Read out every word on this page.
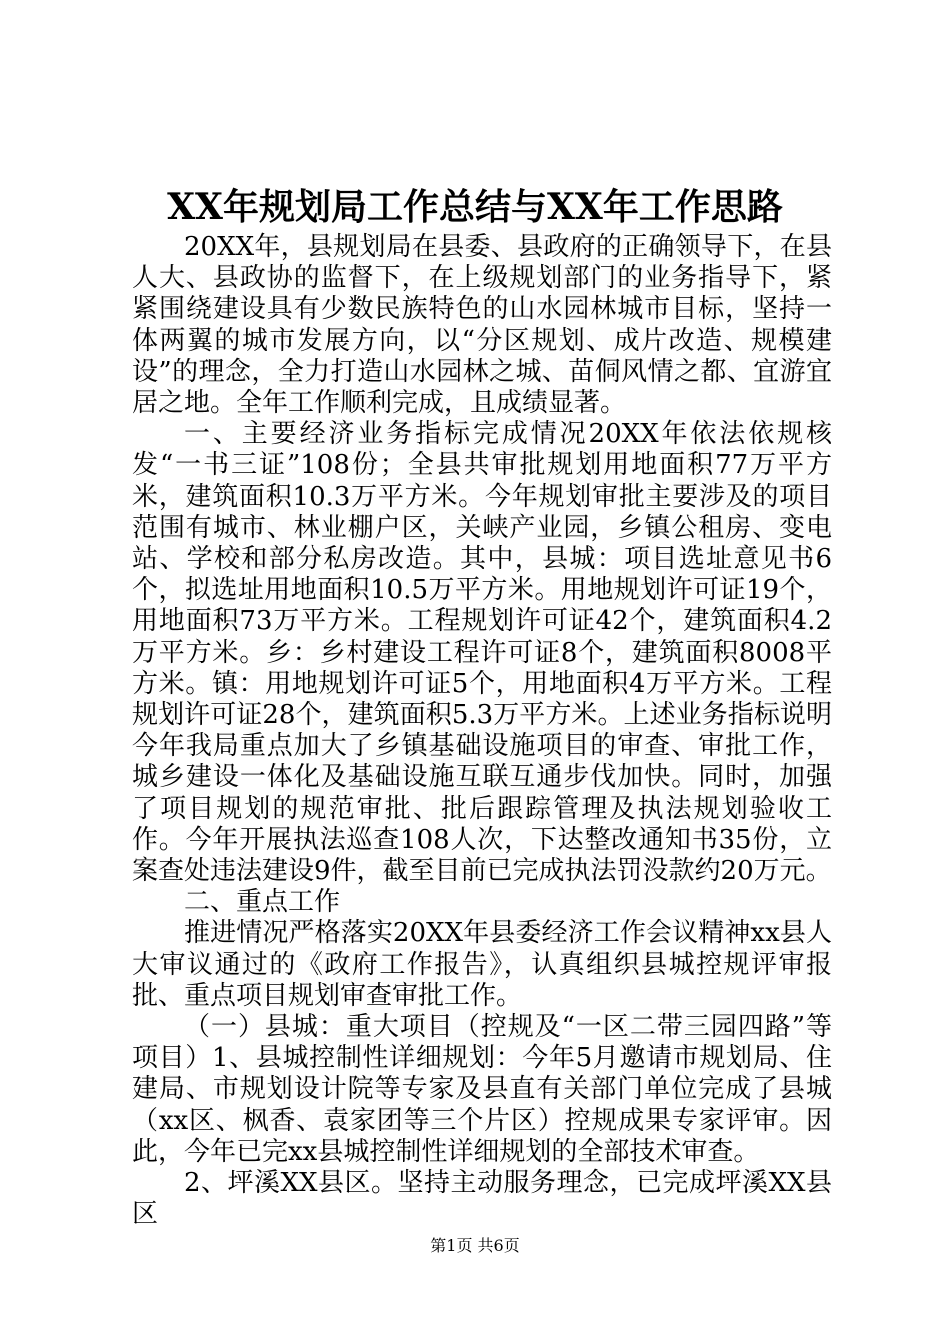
XX年规划局工作总结与XX年工作思路

20XX年，县规划局在县委、县政府的正确领导下，在县人大、县政协的监督下，在上级规划部门的业务指导下，紧紧围绕建设具有少数民族特色的山水园林城市目标，坚持一体两翼的城市发展方向，以“分区规划、成片改造、规模建设”的理念，全力打造山水园林之城、苗侗风情之都、宜游宜居之地。全年工作顺利完成，且成绩显著。

一、主要经济业务指标完成情况20XX年依法依规核发“一书三证”108份；全县共审批规划用地面积77万平方米，建筑面积10.3万平方米。今年规划审批主要涉及的项目范围有城市、林业棚户区，关峡产业园，乡镇公租房、变电站、学校和部分私房改造。其中，县城：项目选址意见书6个，拟选址用地面积10.5万平方米。用地规划许可证19个，用地面积73万平方米。工程规划许可证42个，建筑面积4.2万平方米。乡：乡村建设工程许可证8个，建筑面积8008平方米。镇：用地规划许可证5个，用地面积4万平方米。工程规划许可证28个，建筑面积5.3万平方米。上述业务指标说明今年我局重点加大了乡镇基础设施项目的审查、审批工作，城乡建设一体化及基础设施互联互通步伐加快。同时，加强了项目规划的规范审批、批后跟踪管理及执法规划验收工作。今年开展执法巡查108人次，下达整改通知书35份，立案查处违法建设9件，截至目前已完成执法罚没款约20万元。

二、重点工作

推进情况严格落实20XX年县委经济工作会议精神xx县人大审议通过的《政府工作报告》，认真组织县城控规评审报批、重点项目规划审查审批工作。

（一）县城：重大项目（控规及“一区二带三园四路”等项目）1、县城控制性详细规划：今年5月邀请市规划局、住建局、市规划设计院等专家及县直有关部门单位完成了县城（xx区、枫香、袁家团等三个片区）控规成果专家评审。因此，今年已完xx县城控制性详细规划的全部技术审查。

2、坪溪XX县区。坚持主动服务理念，已完成坪溪XX县区

第1页 共6页
